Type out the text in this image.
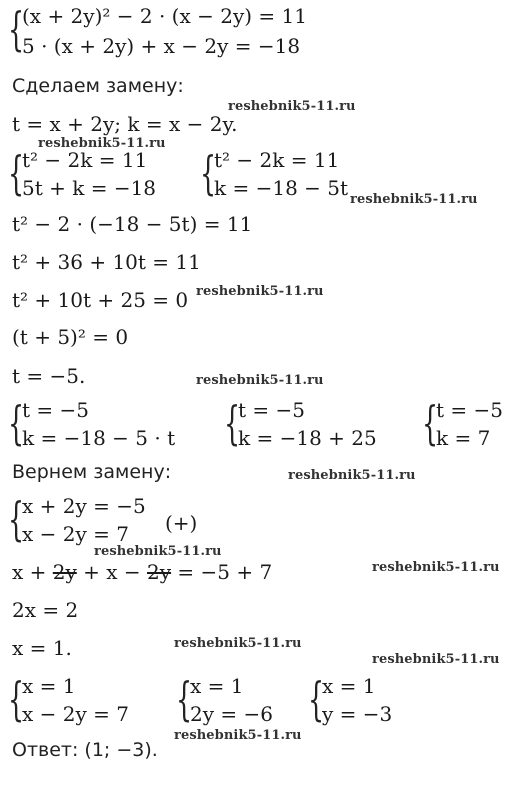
{
(x + 2y)² − 2 · (x − 2y) = 11
5 · (x + 2y) + x − 2y = −18
Сделаем замену:
reshebnik5-11.ru
t = x + 2y; k = x − 2y.
reshebnik5-11.ru
{
t² − 2k = 11
5t + k = −18 {
t² − 2k = 11
k = −18 − 5t reshebnik5-11.ru
t² − 2 · (−18 − 5t) = 11
t² + 36 + 10t = 11
t² + 10t + 25 = 0 reshebnik5-11.ru
(t + 5)² = 0
t = −5.	reshebnik5-11.ru
{
t = −5
k = −18 − 5 · t {
t = −5
k = −18 + 25 {
t = −5
k = 7
Вернем замену:	reshebnik5-11.ru
{
x + 2y = −5
x − 2y = 7 (+)
reshebnik5-11.ru
x + 2y + x − 2y = −5 + 7	reshebnik5-11.ru
2x = 2
x = 1.	reshebnik5-11.ru
reshebnik5-11.ru
{
x = 1
x − 2y = 7 {
x = 1
2y = −6 {
x = 1
y = −3
Ответ: (1; −3).
reshebnik5-11.ru
